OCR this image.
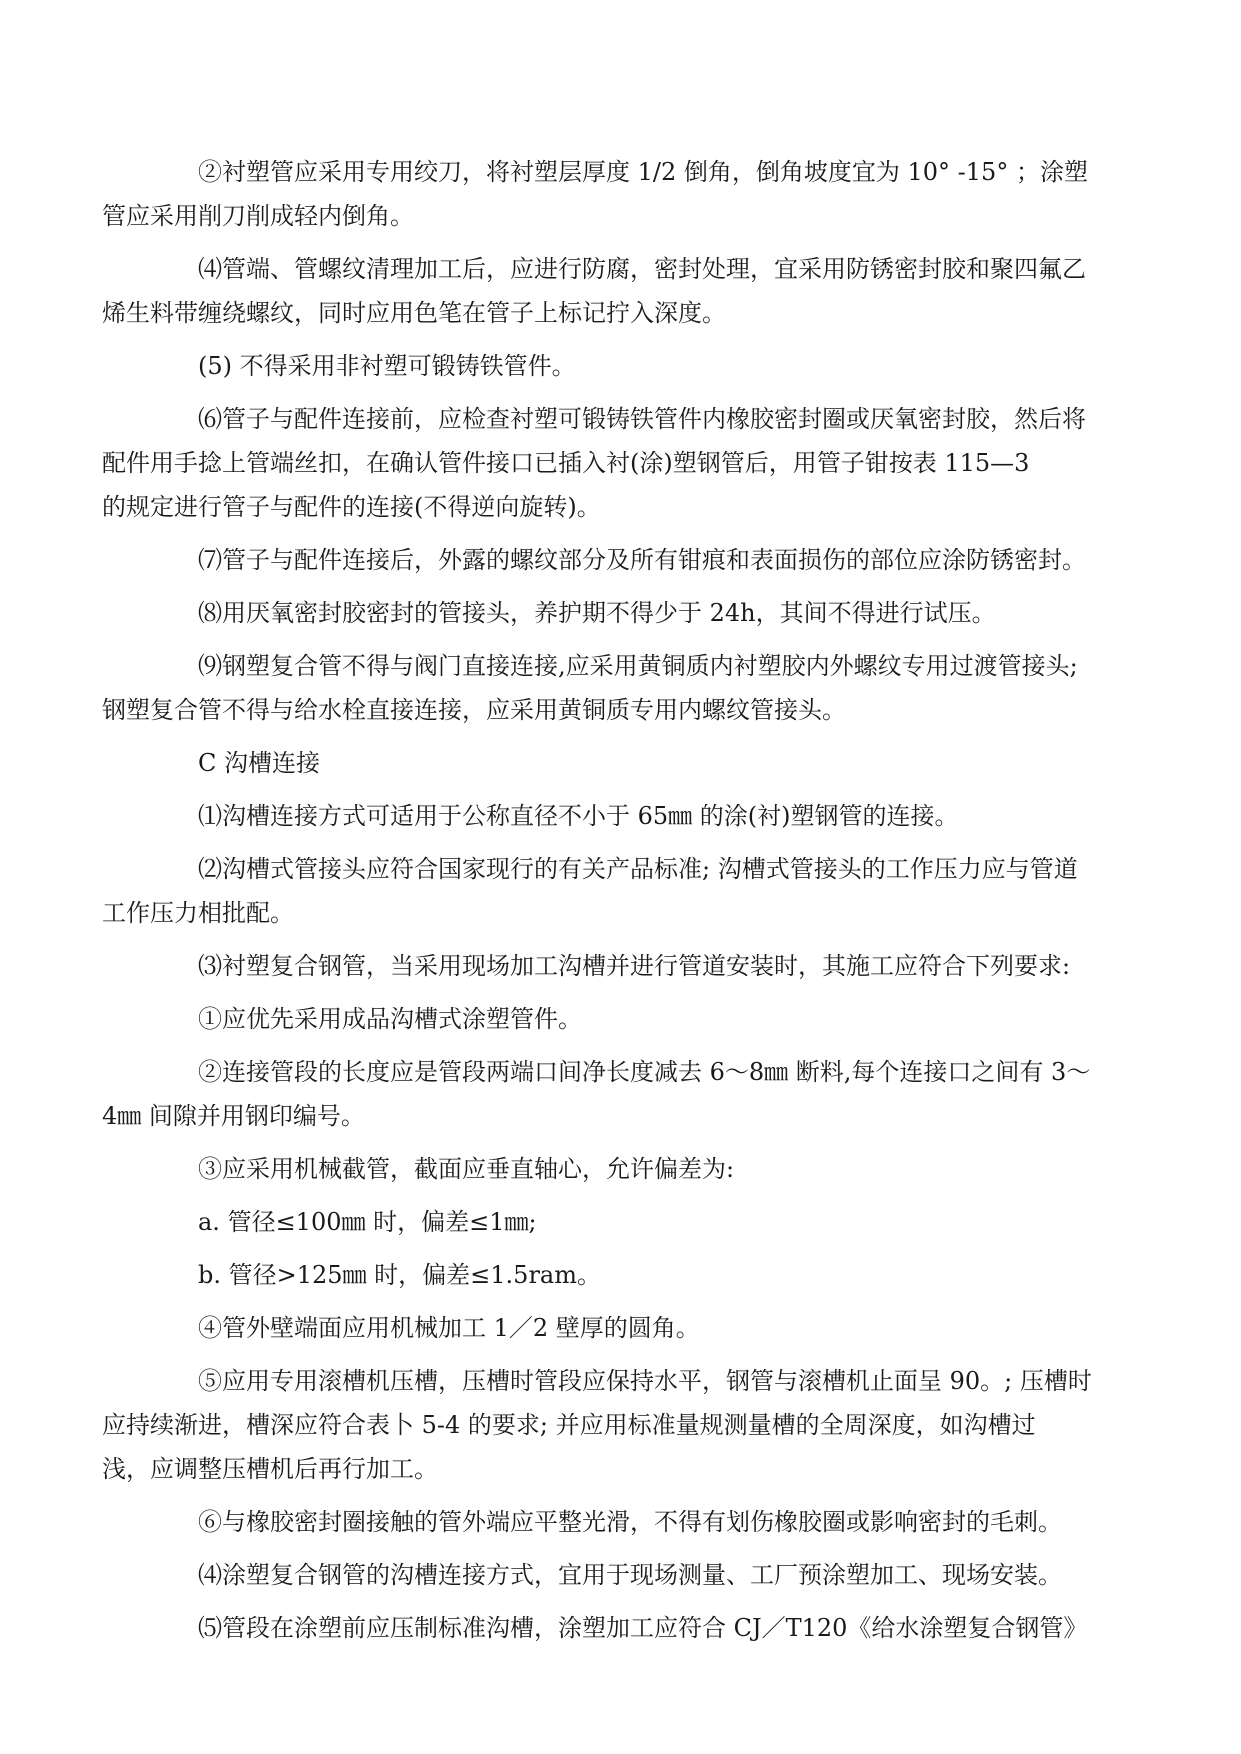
②衬塑管应采用专用绞刀，将衬塑层厚度 1/2 倒角，倒角坡度宜为 10° -15° ；涂塑
管应采用削刀削成轻内倒角。

⑷管端、管螺纹清理加工后，应进行防腐，密封处理，宜采用防锈密封胶和聚四氟乙
烯生料带缠绕螺纹，同时应用色笔在管子上标记拧入深度。

(5) 不得采用非衬塑可锻铸铁管件。

⑹管子与配件连接前，应检查衬塑可锻铸铁管件内橡胶密封圈或厌氧密封胶，然后将
配件用手捻上管端丝扣，在确认管件接口已插入衬(涂)塑钢管后，用管子钳按表 115—3
的规定进行管子与配件的连接(不得逆向旋转)。

⑺管子与配件连接后，外露的螺纹部分及所有钳痕和表面损伤的部位应涂防锈密封。

⑻用厌氧密封胶密封的管接头，养护期不得少于 24h，其间不得进行试压。

⑼钢塑复合管不得与阀门直接连接,应采用黄铜质内衬塑胶内外螺纹专用过渡管接头;
钢塑复合管不得与给水栓直接连接，应采用黄铜质专用内螺纹管接头。

C 沟槽连接

⑴沟槽连接方式可适用于公称直径不小于 65㎜ 的涂(衬)塑钢管的连接。

⑵沟槽式管接头应符合国家现行的有关产品标准; 沟槽式管接头的工作压力应与管道
工作压力相批配。

⑶衬塑复合钢管，当采用现场加工沟槽并进行管道安装时，其施工应符合下列要求:

①应优先采用成品沟槽式涂塑管件。

②连接管段的长度应是管段两端口间净长度减去 6～8㎜ 断料,每个连接口之间有 3～
4㎜ 间隙并用钢印编号。

③应采用机械截管，截面应垂直轴心，允许偏差为:

a. 管径≤100㎜ 时，偏差≤1㎜;

b. 管径>125㎜ 时，偏差≤1.5ram。

④管外壁端面应用机械加工 1／2 壁厚的圆角。

⑤应用专用滚槽机压槽，压槽时管段应保持水平，钢管与滚槽机止面呈 90。; 压槽时
应持续渐进，槽深应符合表卜 5-4 的要求; 并应用标准量规测量槽的全周深度，如沟槽过
浅，应调整压槽机后再行加工。

⑥与橡胶密封圈接触的管外端应平整光滑，不得有划伤橡胶圈或影响密封的毛刺。

⑷涂塑复合钢管的沟槽连接方式，宜用于现场测量、工厂预涂塑加工、现场安装。

⑸管段在涂塑前应压制标准沟槽，涂塑加工应符合 CJ／T120《给水涂塑复合钢管》
